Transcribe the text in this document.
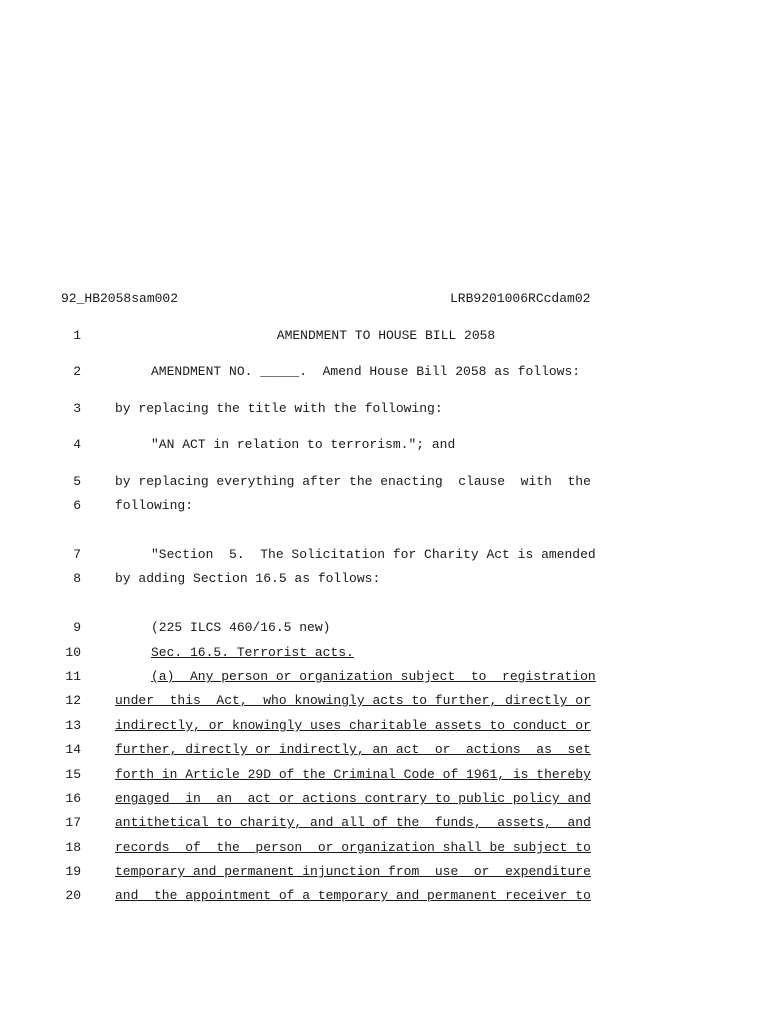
92_HB2058sam002	LRB9201006RCcdam02
1	AMENDMENT TO HOUSE BILL 2058
2	AMENDMENT NO. _____.  Amend House Bill 2058 as follows:
3	by replacing the title with the following:
4	"AN ACT in relation to terrorism."; and
5	by replacing everything after the enacting  clause  with  the
6	following:
7	"Section  5.  The Solicitation for Charity Act is amended
8	by adding Section 16.5 as follows:
9	(225 ILCS 460/16.5 new)
10	Sec. 16.5. Terrorist acts.
11	(a)  Any person or organization subject  to  registration
12	under  this  Act,  who knowingly acts to further, directly or
13	indirectly, or knowingly uses charitable assets to conduct or
14	further, directly or indirectly, an act  or  actions  as  set
15	forth in Article 29D of the Criminal Code of 1961, is thereby
16	engaged  in  an  act or actions contrary to public policy and
17	antithetical to charity, and all of the  funds,  assets,  and
18	records  of  the  person  or organization shall be subject to
19	temporary and permanent injunction from  use  or  expenditure
20	and  the appointment of a temporary and permanent receiver to
